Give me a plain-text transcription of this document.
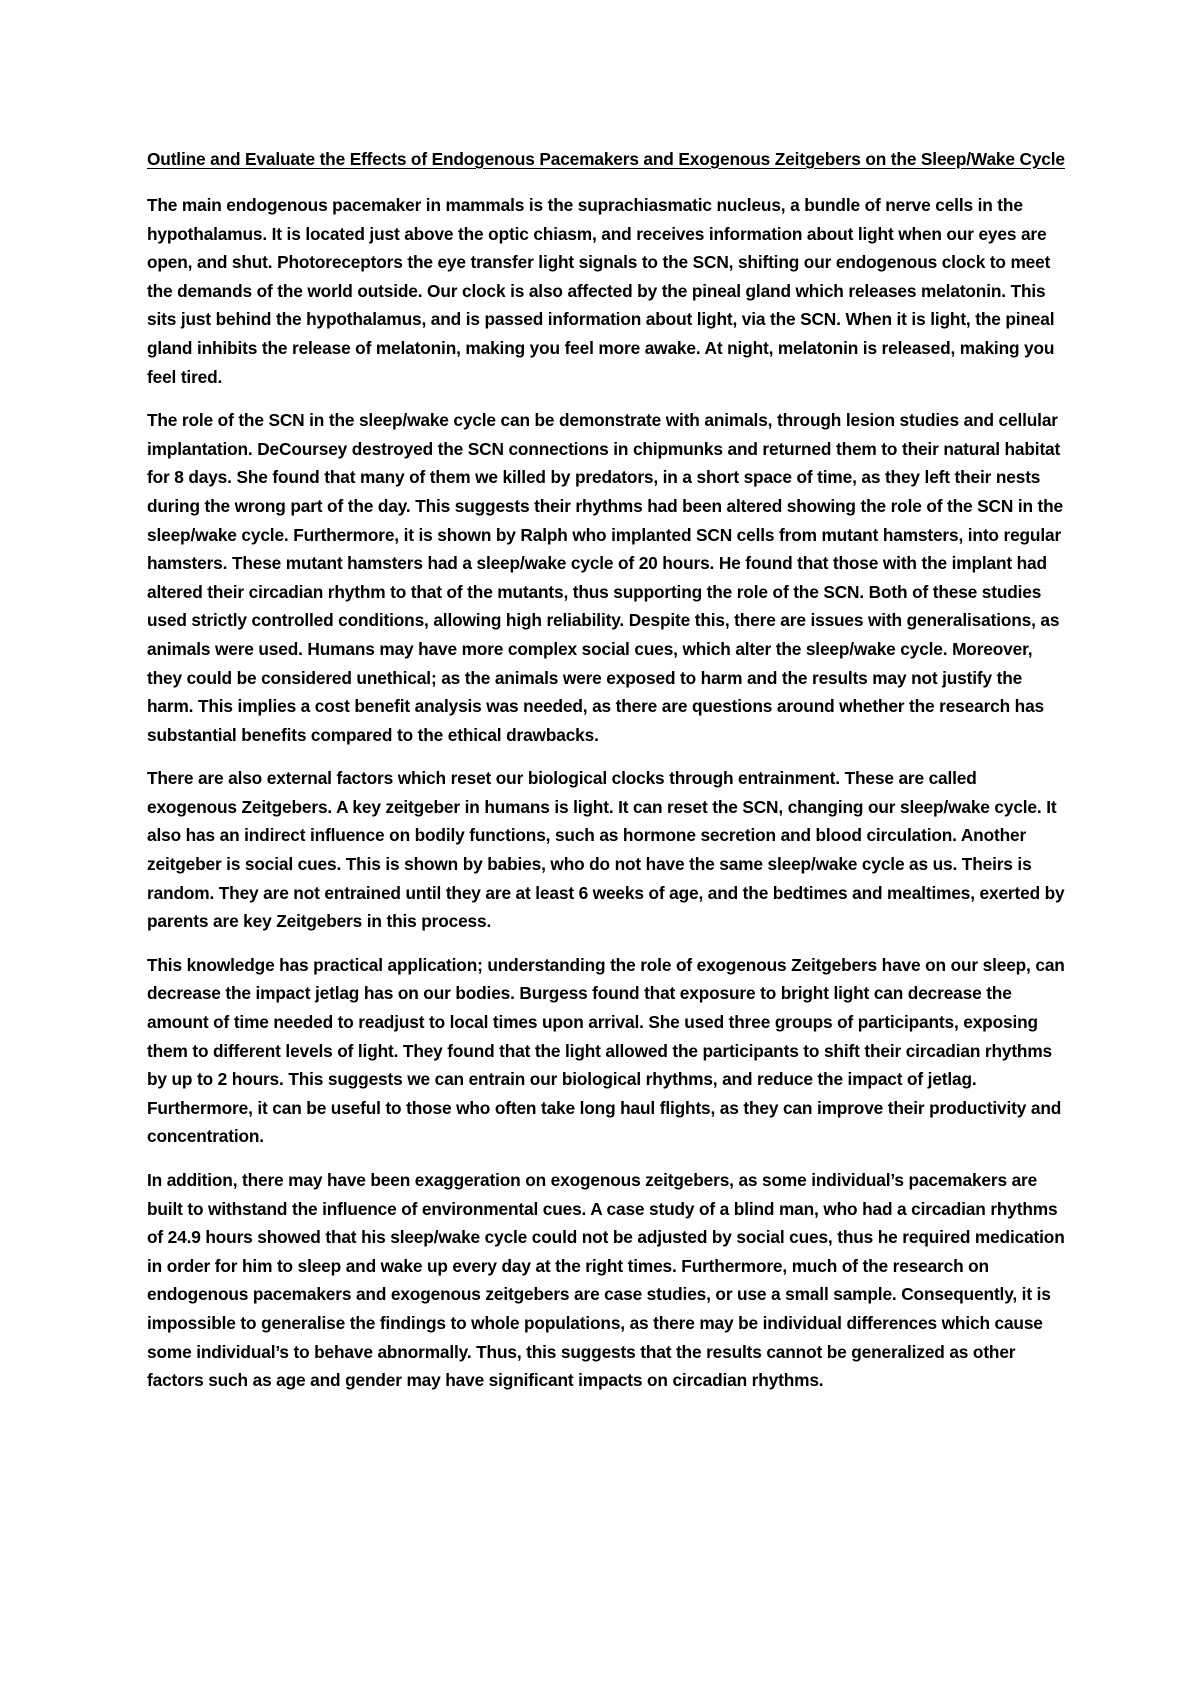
Outline and Evaluate the Effects of Endogenous Pacemakers and Exogenous Zeitgebers on the Sleep/Wake Cycle

The main endogenous pacemaker in mammals is the suprachiasmatic nucleus, a bundle of nerve cells in the hypothalamus. It is located just above the optic chiasm, and receives information about light when our eyes are open, and shut. Photoreceptors the eye transfer light signals to the SCN, shifting our endogenous clock to meet the demands of the world outside. Our clock is also affected by the pineal gland which releases melatonin. This sits just behind the hypothalamus, and is passed information about light, via the SCN. When it is light, the pineal gland inhibits the release of melatonin, making you feel more awake. At night, melatonin is released, making you feel tired.

The role of the SCN in the sleep/wake cycle can be demonstrate with animals, through lesion studies and cellular implantation. DeCoursey destroyed the SCN connections in chipmunks and returned them to their natural habitat for 8 days. She found that many of them we killed by predators, in a short space of time, as they left their nests during the wrong part of the day. This suggests their rhythms had been altered showing the role of the SCN in the sleep/wake cycle. Furthermore, it is shown by Ralph who implanted SCN cells from mutant hamsters, into regular hamsters. These mutant hamsters had a sleep/wake cycle of 20 hours. He found that those with the implant had altered their circadian rhythm to that of the mutants, thus supporting the role of the SCN. Both of these studies used strictly controlled conditions, allowing high reliability. Despite this, there are issues with generalisations, as animals were used. Humans may have more complex social cues, which alter the sleep/wake cycle. Moreover, they could be considered unethical; as the animals were exposed to harm and the results may not justify the harm. This implies a cost benefit analysis was needed, as there are questions around whether the research has substantial benefits compared to the ethical drawbacks.

There are also external factors which reset our biological clocks through entrainment. These are called exogenous Zeitgebers. A key zeitgeber in humans is light. It can reset the SCN, changing our sleep/wake cycle. It also has an indirect influence on bodily functions, such as hormone secretion and blood circulation. Another zeitgeber is social cues. This is shown by babies, who do not have the same sleep/wake cycle as us. Theirs is random. They are not entrained until they are at least 6 weeks of age, and the bedtimes and mealtimes, exerted by parents are key Zeitgebers in this process.

This knowledge has practical application; understanding the role of exogenous Zeitgebers have on our sleep, can decrease the impact jetlag has on our bodies. Burgess found that exposure to bright light can decrease the amount of time needed to readjust to local times upon arrival. She used three groups of participants, exposing them to different levels of light. They found that the light allowed the participants to shift their circadian rhythms by up to 2 hours. This suggests we can entrain our biological rhythms, and reduce the impact of jetlag. Furthermore, it can be useful to those who often take long haul flights, as they can improve their productivity and concentration.

In addition, there may have been exaggeration on exogenous zeitgebers, as some individual’s pacemakers are built to withstand the influence of environmental cues. A case study of a blind man, who had a circadian rhythms of 24.9 hours showed that his sleep/wake cycle could not be adjusted by social cues, thus he required medication in order for him to sleep and wake up every day at the right times. Furthermore, much of the research on endogenous pacemakers and exogenous zeitgebers are case studies, or use a small sample. Consequently, it is impossible to generalise the findings to whole populations, as there may be individual differences which cause some individual’s to behave abnormally. Thus, this suggests that the results cannot be generalized as other factors such as age and gender may have significant impacts on circadian rhythms.
